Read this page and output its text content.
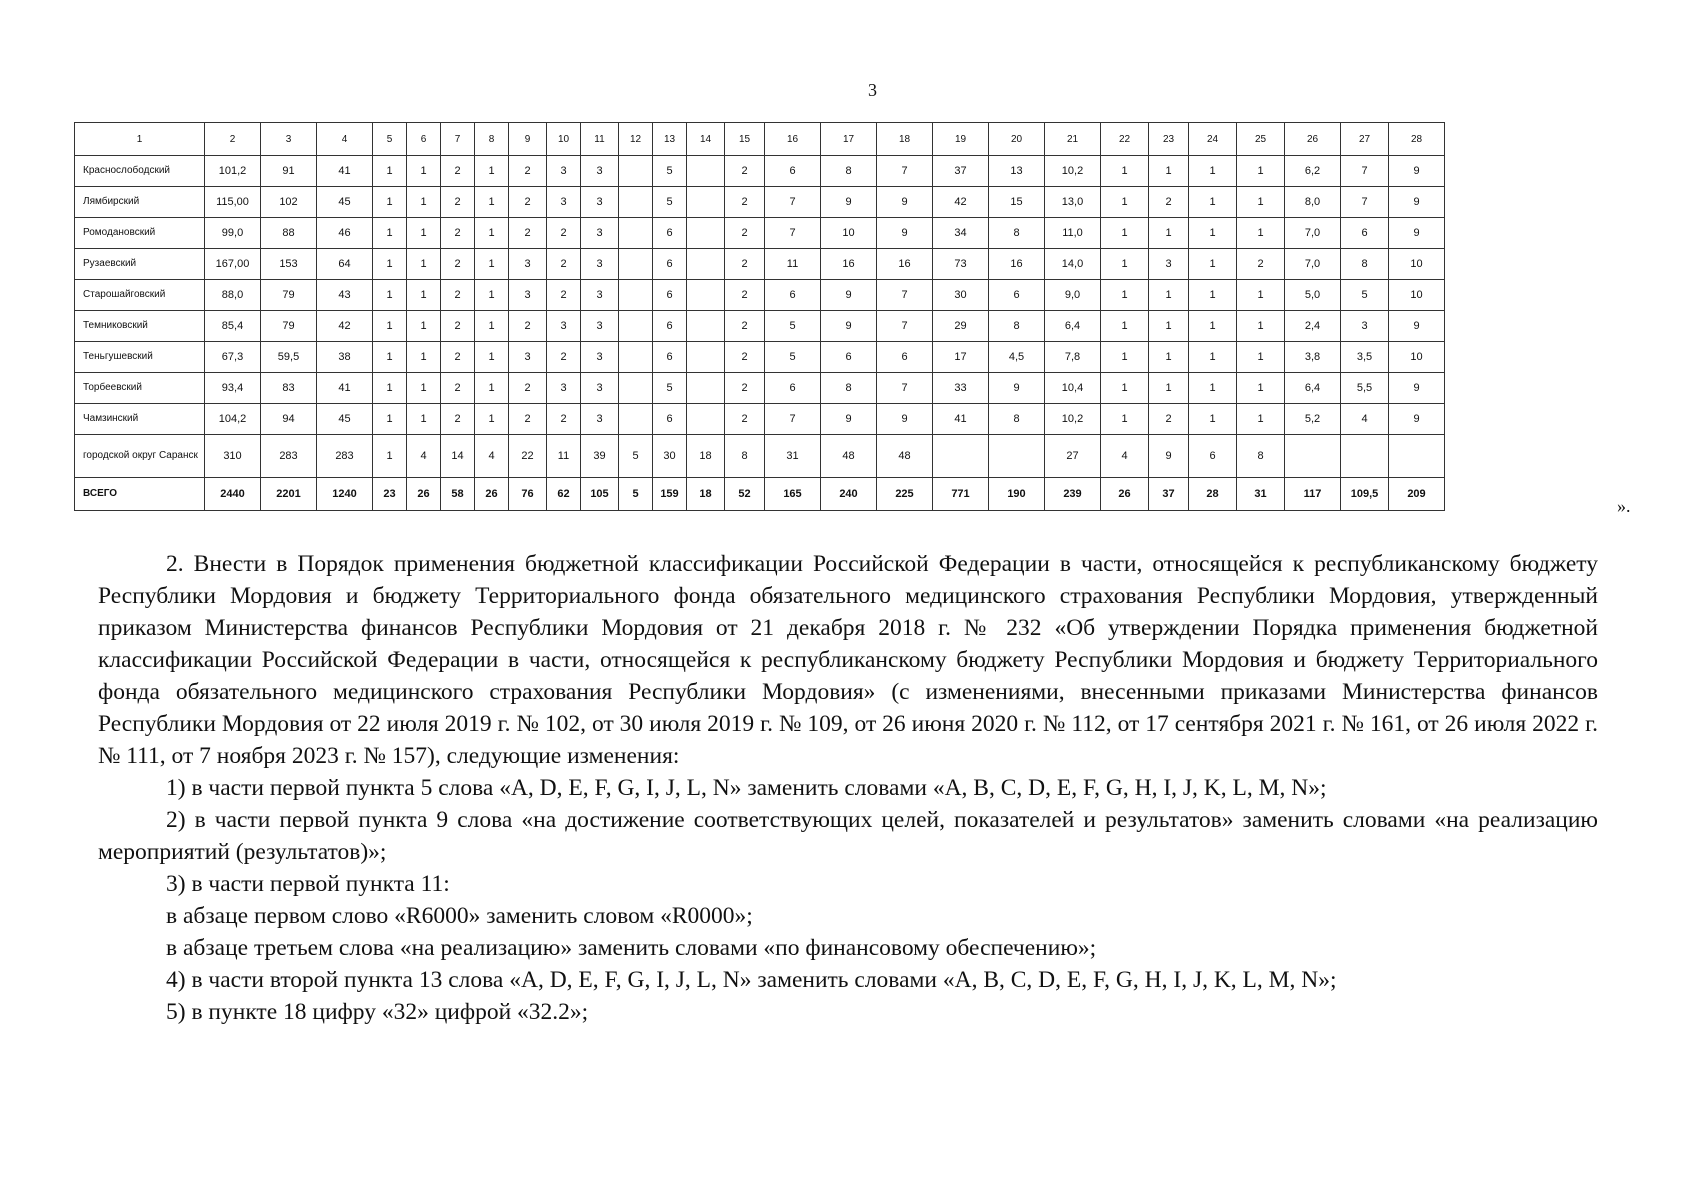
3
1	2	3	4	5	6	7	8	9	10	11	12	13	14	15	16	17	18	19	20	21	22	23	24	25	26	27	28
Краснослободский	101,2	91	41	1	1	2	1	2	3	3		5		2	6	8	7	37	13	10,2	1	1	1	1	6,2	7	9
Лямбирский	115,00	102	45	1	1	2	1	2	3	3		5		2	7	9	9	42	15	13,0	1	2	1	1	8,0	7	9
Ромодановский	99,0	88	46	1	1	2	1	2	2	3		6		2	7	10	9	34	8	11,0	1	1	1	1	7,0	6	9
Рузаевский	167,00	153	64	1	1	2	1	3	2	3		6		2	11	16	16	73	16	14,0	1	3	1	2	7,0	8	10
Старошайговский	88,0	79	43	1	1	2	1	3	2	3		6		2	6	9	7	30	6	9,0	1	1	1	1	5,0	5	10
Темниковский	85,4	79	42	1	1	2	1	2	3	3		6		2	5	9	7	29	8	6,4	1	1	1	1	2,4	3	9
Теньгушевский	67,3	59,5	38	1	1	2	1	3	2	3		6		2	5	6	6	17	4,5	7,8	1	1	1	1	3,8	3,5	10
Торбеевский	93,4	83	41	1	1	2	1	2	3	3		5		2	6	8	7	33	9	10,4	1	1	1	1	6,4	5,5	9
Чамзинский	104,2	94	45	1	1	2	1	2	2	3		6		2	7	9	9	41	8	10,2	1	2	1	1	5,2	4	9
городской округ Саранск	310	283	283	1	4	14	4	22	11	39	5	30	18	8	31	48	48			27	4	9	6	8			
ВСЕГО	2440	2201	1240	23	26	58	26	76	62	105	5	159	18	52	165	240	225	771	190	239	26	37	28	31	117	109,5	209
».

2. Внести в Порядок применения бюджетной классификации Российской Федерации в части, относящейся к республиканскому бюджету Республики Мордовия и бюджету Территориального фонда обязательного медицинского страхования Республики Мордовия, утвержденный приказом Министерства финансов Республики Мордовия от 21 декабря 2018 г. № 232 «Об утверждении Порядка применения бюджетной классификации Российской Федерации в части, относящейся к республиканскому бюджету Республики Мордовия и бюджету Территориального фонда обязательного медицинского страхования Республики Мордовия» (с изменениями, внесенными приказами Министерства финансов Республики Мордовия от 22 июля 2019 г. № 102, от 30 июля 2019 г. № 109, от 26 июня 2020 г. № 112, от 17 сентября 2021 г. № 161, от 26 июля 2022 г. № 111, от 7 ноября 2023 г. № 157), следующие изменения:

1) в части первой пункта 5 слова «A, D, E, F, G, I, J, L, N» заменить словами «A, B, C, D, E, F, G, H, I, J, K, L, M, N»;

2) в части первой пункта 9 слова «на достижение соответствующих целей, показателей и результатов» заменить словами «на реализацию мероприятий (результатов)»;

3) в части первой пункта 11:

в абзаце первом слово «R6000» заменить словом «R0000»;

в абзаце третьем слова «на реализацию» заменить словами «по финансовому обеспечению»;

4) в части второй пункта 13 слова «A, D, E, F, G, I, J, L, N» заменить словами «A, B, C, D, E, F, G, H, I, J, K, L, M, N»;

5) в пункте 18 цифру «32» цифрой «32.2»;
